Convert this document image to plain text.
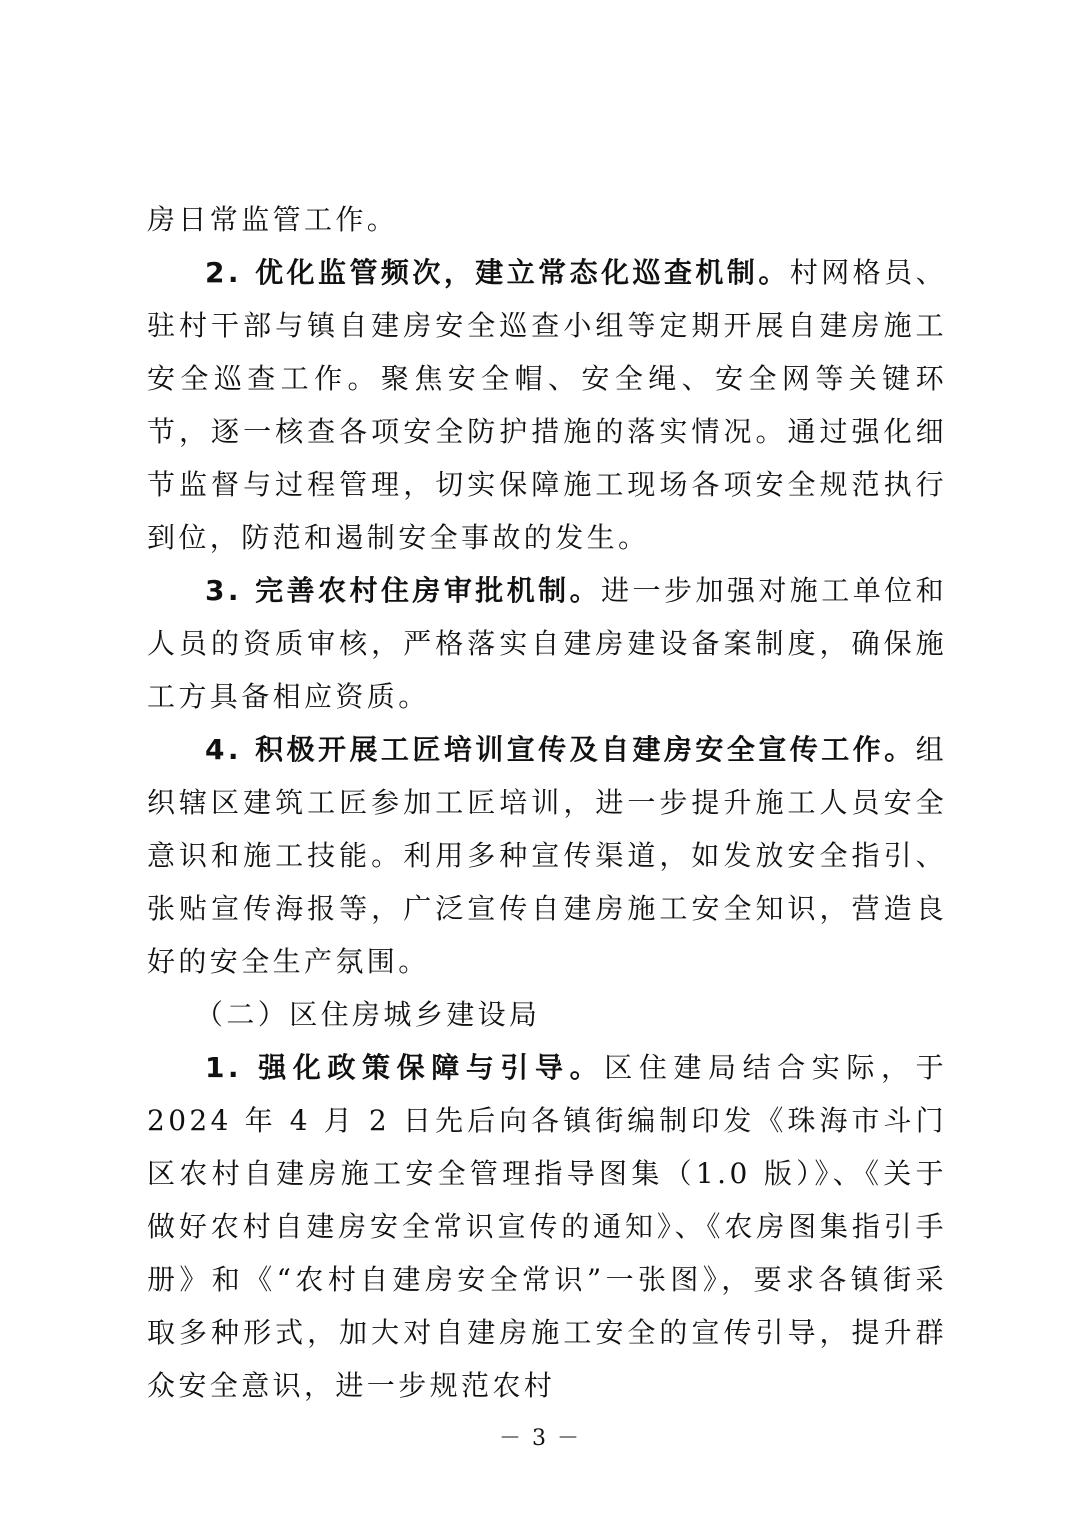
房日常监管工作。

2. 优化监管频次，建立常态化巡查机制。村网格员、驻村干部与镇自建房安全巡查小组等定期开展自建房施工安全巡查工作。聚焦安全帽、安全绳、安全网等关键环节，逐一核查各项安全防护措施的落实情况。通过强化细节监督与过程管理，切实保障施工现场各项安全规范执行到位，防范和遏制安全事故的发生。

3. 完善农村住房审批机制。进一步加强对施工单位和人员的资质审核，严格落实自建房建设备案制度，确保施工方具备相应资质。

4. 积极开展工匠培训宣传及自建房安全宣传工作。组织辖区建筑工匠参加工匠培训，进一步提升施工人员安全意识和施工技能。利用多种宣传渠道，如发放安全指引、张贴宣传海报等，广泛宣传自建房施工安全知识，营造良好的安全生产氛围。

（二）区住房城乡建设局

1. 强化政策保障与引导。区住建局结合实际，于 2024 年 4 月 2 日先后向各镇街编制印发《珠海市斗门区农村自建房施工安全管理指导图集（1.0 版）》、《关于做好农村自建房安全常识宣传的通知》、《农房图集指引手册》和《“农村自建房安全常识”一张图》，要求各镇街采取多种形式，加大对自建房施工安全的宣传引导，提升群众安全意识，进一步规范农村

－ 3 －
